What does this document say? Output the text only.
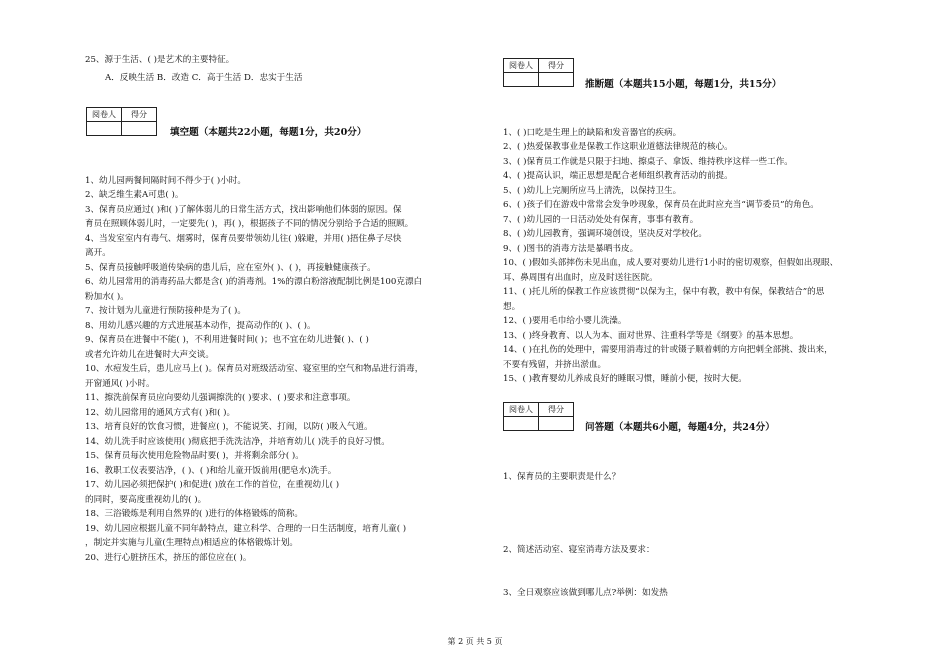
25、源于生活、( )是艺术的主要特征。
A．反映生活 B．改造 C．高于生活 D．忠实于生活
阅卷人	得分

填空题（本题共22小题，每题1分，共20分）
1、幼儿园两餐间隔时间不得少于( )小时。
2、缺乏维生素A可患( )。
3、保育员应通过( )和( )了解体弱儿的日常生活方式，找出影响他们体弱的原因。保
育员在照顾体弱儿时，一定要先( )，再( )，根据孩子不同的情况分别给予合适的照顾。
4、当发室室内有毒气、烟雾时，保育员要带领幼儿往( )躲避，并用( )捂住鼻子尽快
离开。
5、保育员接触呼吸道传染病的患儿后，应在室外( )、( )，再接触健康孩子。
6、幼儿园常用的消毒药品大都是含( )的消毒剂。1%的漂白粉溶液配制比例是100克漂白
粉加水( )。
7、按计划为儿童进行预防接种是为了( )。
8、用幼儿感兴趣的方式进展基本动作，提高动作的( )、( )。
9、保育员在进餐中不能( )，不利用进餐时间( )；也不宜在幼儿进餐( )、( )
或者允许幼儿在进餐时大声交谈。
10、水痘发生后，患儿应马上( )。保育员对班级活动室、寝室里的空气和物品进行消毒，
开窗通风( )小时。
11、擦洗前保育员应向要幼儿强调擦洗的( )要求、( )要求和注意事项。
12、幼儿园常用的通风方式有( )和( )。
13、培育良好的饮食习惯，进餐应( )，不能说笑、打闹，以防( )吸入气道。
14、幼儿洗手时应该使用( )彻底把手洗洗洁净，并培育幼儿( )洗手的良好习惯。
15、保育员每次使用危险物品时要( )，并将剩余部分( )。
16、教职工仪表要洁净，( )、( )和给儿童开饭前用(肥皂水)洗手。
17、幼儿园必须把保护( )和促进( )放在工作的首位，在重视幼儿( )
的同时，要高度重视幼儿的( )。
18、三浴锻炼是利用自然界的( )进行的体格锻炼的简称。
19、幼儿园应根据儿童不同年龄特点，建立科学、合理的一日生活制度，培育儿童( )
，制定并实施与儿童(生理特点)相适应的体格锻炼计划。
20、进行心脏挤压术，挤压的部位应在( )。
阅卷人	得分

推断题（本题共15小题，每题1分，共15分）
1、( )口吃是生理上的缺陷和发音器官的疾病。
2、( )热爱保教事业是保教工作这职业道德法律规范的核心。
3、( )保育员工作就是只限于扫地、擦桌子、拿饭、维持秩序这样一些工作。
4、( )提高认识，端正思想是配合老师组织教育活动的前提。
5、( )幼儿上完厕所应马上清洗，以保持卫生。
6、( )孩子们在游戏中常常会发争吵现象，保育员在此时应充当“调节委员”的角色。
7、( )幼儿园的一日活动处处有保育，事事有教育。
8、( )幼儿园教育，强调环境创设，坚决反对学校化。
9、( )图书的消毒方法是暴晒书皮。
10、( )假如头部摔伤未见出血，成人要对要幼儿进行1小时的密切观察，但假如出现眼、
耳、鼻周围有出血时，应及时送往医院。
11、( )托儿所的保教工作应该贯彻“以保为主，保中有教，教中有保，保教结合”的思
想。
12、( )要用毛巾给小婴儿洗澡。
13、( )终身教育、以人为本、面对世界、注重科学等是《纲要》的基本思想。
14、( )在扎伤的处理中，需要用消毒过的针或镊子顺着刺的方向把刺全部挑、拨出来，
不要有残留，并挤出淤血。
15、( )教育婴幼儿养成良好的睡眠习惯，睡前小便，按时大便。
阅卷人	得分

问答题（本题共6小题，每题4分，共24分）
1、保育员的主要职责是什么？
2、简述活动室、寝室消毒方法及要求：
3、全日观察应该做到哪儿点?举例：如发热
第 2 页 共 5 页
